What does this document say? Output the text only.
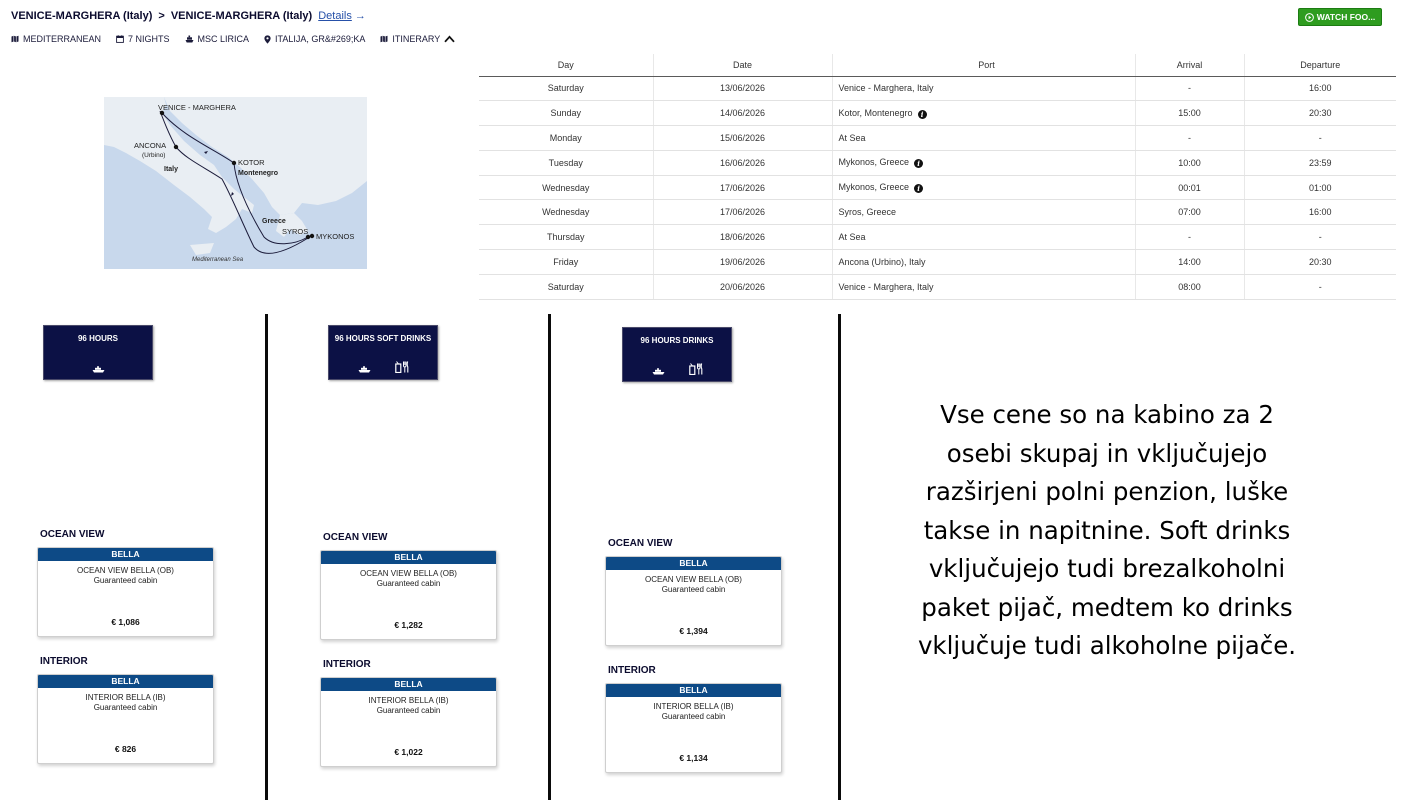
VENICE-MARGHERA (Italy) > VENICE-MARGHERA (Italy) Details →	WATCH FOO...
MEDITERRANEAN	7 NIGHTS	MSC LIRICA	ITALIJA, GR&#269;KA	ITINERARY
VENICE - MARGHERA
ANCONA
(Urbino)
Italy
KOTOR
Montenegro
Greece
SYROS
MYKONOS
Mediterranean Sea
Day	Date	Port	Arrival	Departure
Saturday	13/06/2026	Venice - Marghera, Italy	-	16:00
Sunday	14/06/2026	Kotor, Montenegro i	15:00	20:30
Monday	15/06/2026	At Sea	-	-
Tuesday	16/06/2026	Mykonos, Greece i	10:00	23:59
Wednesday	17/06/2026	Mykonos, Greece i	00:01	01:00
Wednesday	17/06/2026	Syros, Greece	07:00	16:00
Thursday	18/06/2026	At Sea	-	-
Friday	19/06/2026	Ancona (Urbino), Italy	14:00	20:30
Saturday	20/06/2026	Venice - Marghera, Italy	08:00	-
96 HOURS
OCEAN VIEW
BELLA
OCEAN VIEW BELLA (OB)
Guaranteed cabin
€ 1,086
INTERIOR
BELLA
INTERIOR BELLA (IB)
Guaranteed cabin
€ 826
96 HOURS SOFT DRINKS
OCEAN VIEW
BELLA
OCEAN VIEW BELLA (OB)
Guaranteed cabin
€ 1,282
INTERIOR
BELLA
INTERIOR BELLA (IB)
Guaranteed cabin
€ 1,022
96 HOURS DRINKS
OCEAN VIEW
BELLA
OCEAN VIEW BELLA (OB)
Guaranteed cabin
€ 1,394
INTERIOR
BELLA
INTERIOR BELLA (IB)
Guaranteed cabin
€ 1,134
Vse cene so na kabino za 2
osebi skupaj in vključujejo
razširjeni polni penzion, luške
takse in napitnine. Soft drinks
vključujejo tudi brezalkoholni
paket pijač, medtem ko drinks
vključuje tudi alkoholne pijače.
